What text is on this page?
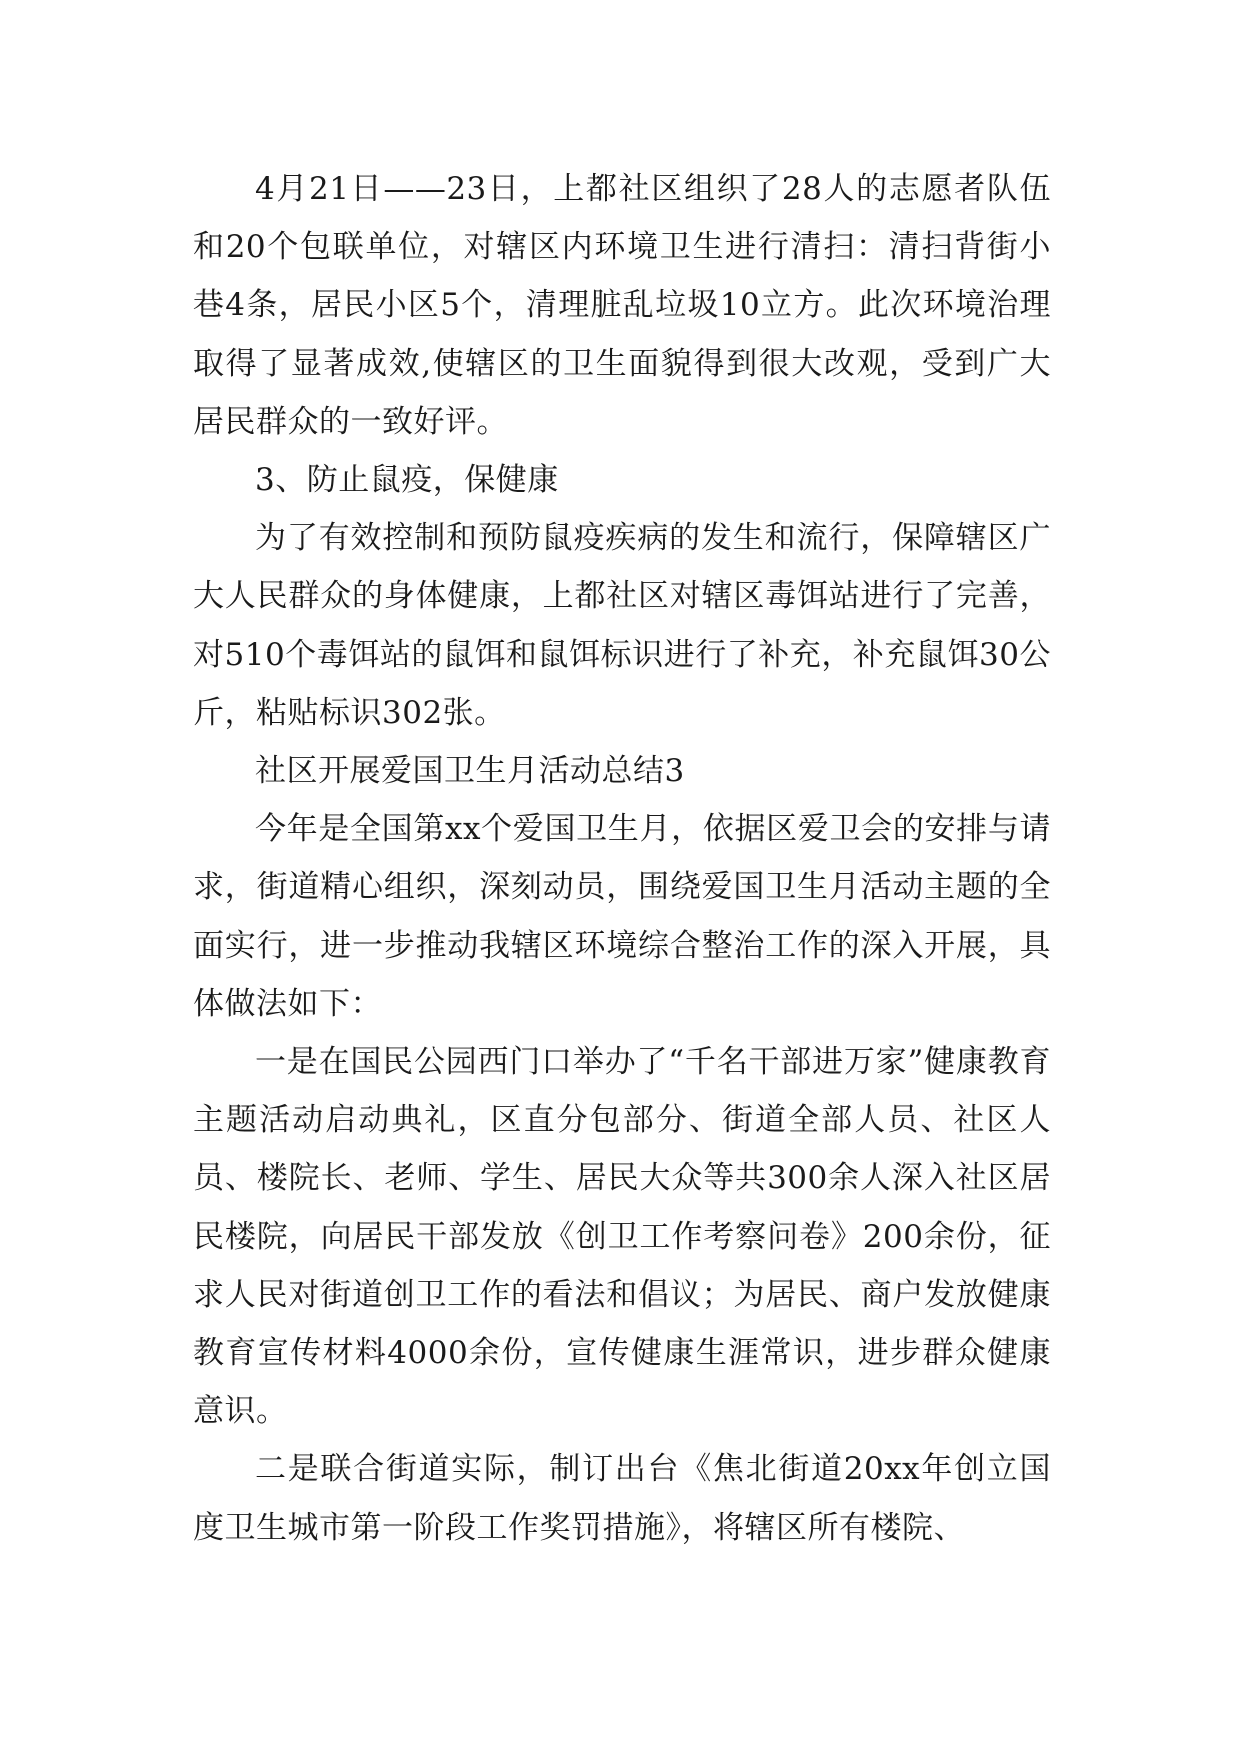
4月21日——23日，上都社区组织了28人的志愿者队伍和20个包联单位，对辖区内环境卫生进行清扫：清扫背街小巷4条，居民小区5个，清理脏乱垃圾10立方。此次环境治理取得了显著成效,使辖区的卫生面貌得到很大改观，受到广大居民群众的一致好评。

3、防止鼠疫，保健康

为了有效控制和预防鼠疫疾病的发生和流行，保障辖区广大人民群众的身体健康，上都社区对辖区毒饵站进行了完善，对510个毒饵站的鼠饵和鼠饵标识进行了补充，补充鼠饵30公斤，粘贴标识302张。

社区开展爱国卫生月活动总结3

今年是全国第xx个爱国卫生月，依据区爱卫会的安排与请求，街道精心组织，深刻动员，围绕爱国卫生月活动主题的全面实行，进一步推动我辖区环境综合整治工作的深入开展，具体做法如下：

一是在国民公园西门口举办了“千名干部进万家”健康教育主题活动启动典礼，区直分包部分、街道全部人员、社区人员、楼院长、老师、学生、居民大众等共300余人深入社区居民楼院，向居民干部发放《创卫工作考察问卷》200余份，征求人民对街道创卫工作的看法和倡议；为居民、商户发放健康教育宣传材料4000余份，宣传健康生涯常识，进步群众健康意识。

二是联合街道实际，制订出台《焦北街道20xx年创立国度卫生城市第一阶段工作奖罚措施》，将辖区所有楼院、
